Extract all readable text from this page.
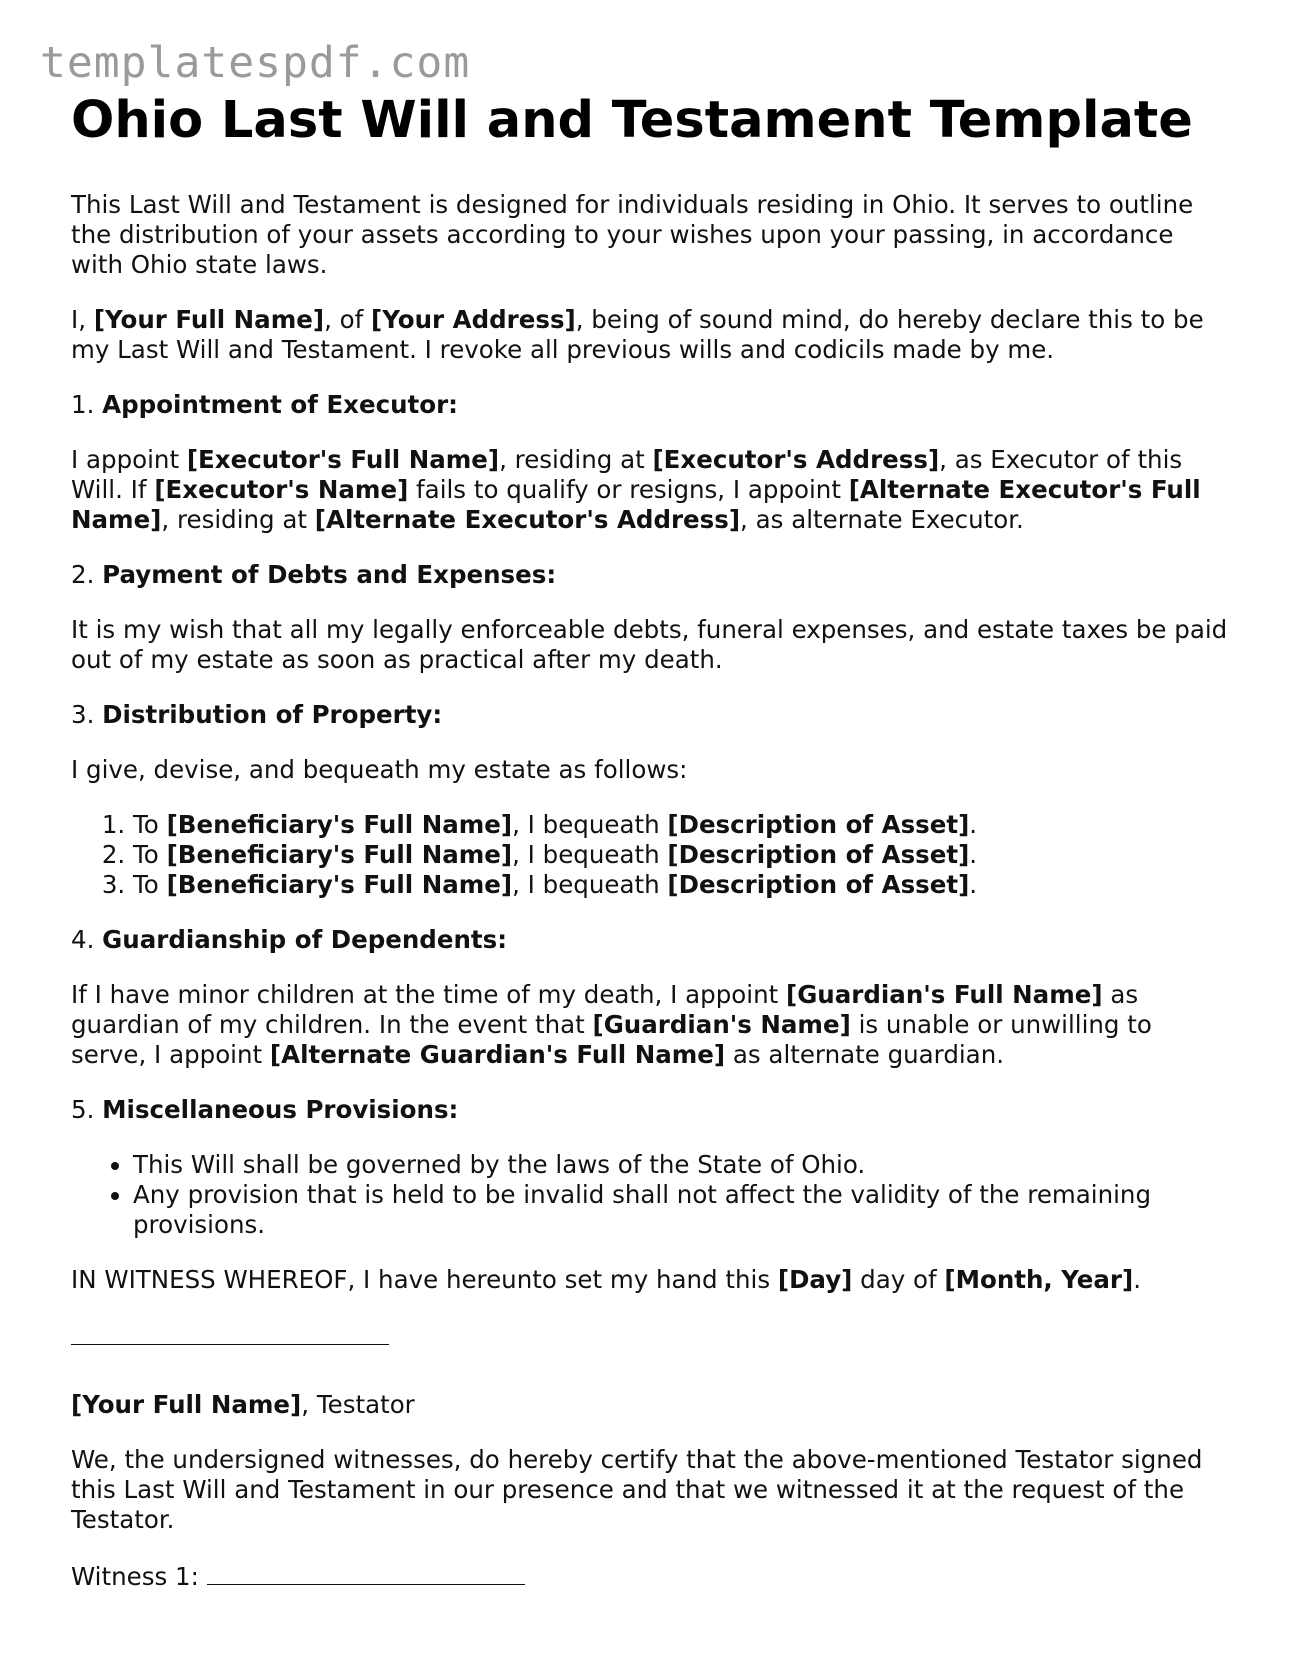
templatespdf.com
Ohio Last Will and Testament Template

This Last Will and Testament is designed for individuals residing in Ohio. It serves to outline the distribution of your assets according to your wishes upon your passing, in accordance with Ohio state laws.

I, [Your Full Name], of [Your Address], being of sound mind, do hereby declare this to be my Last Will and Testament. I revoke all previous wills and codicils made by me.

1. Appointment of Executor:

I appoint [Executor's Full Name], residing at [Executor's Address], as Executor of this Will. If [Executor's Name] fails to qualify or resigns, I appoint [Alternate Executor's Full Name], residing at [Alternate Executor's Address], as alternate Executor.

2. Payment of Debts and Expenses:

It is my wish that all my legally enforceable debts, funeral expenses, and estate taxes be paid out of my estate as soon as practical after my death.

3. Distribution of Property:

I give, devise, and bequeath my estate as follows:

1. To [Beneficiary's Full Name], I bequeath [Description of Asset].
2. To [Beneficiary's Full Name], I bequeath [Description of Asset].
3. To [Beneficiary's Full Name], I bequeath [Description of Asset].

4. Guardianship of Dependents:

If I have minor children at the time of my death, I appoint [Guardian's Full Name] as guardian of my children. In the event that [Guardian's Name] is unable or unwilling to serve, I appoint [Alternate Guardian's Full Name] as alternate guardian.

5. Miscellaneous Provisions:

• This Will shall be governed by the laws of the State of Ohio.
• Any provision that is held to be invalid shall not affect the validity of the remaining provisions.

IN WITNESS WHEREOF, I have hereunto set my hand this [Day] day of [Month, Year].

[Your Full Name], Testator

We, the undersigned witnesses, do hereby certify that the above-mentioned Testator signed this Last Will and Testament in our presence and that we witnessed it at the request of the Testator.

Witness 1:
